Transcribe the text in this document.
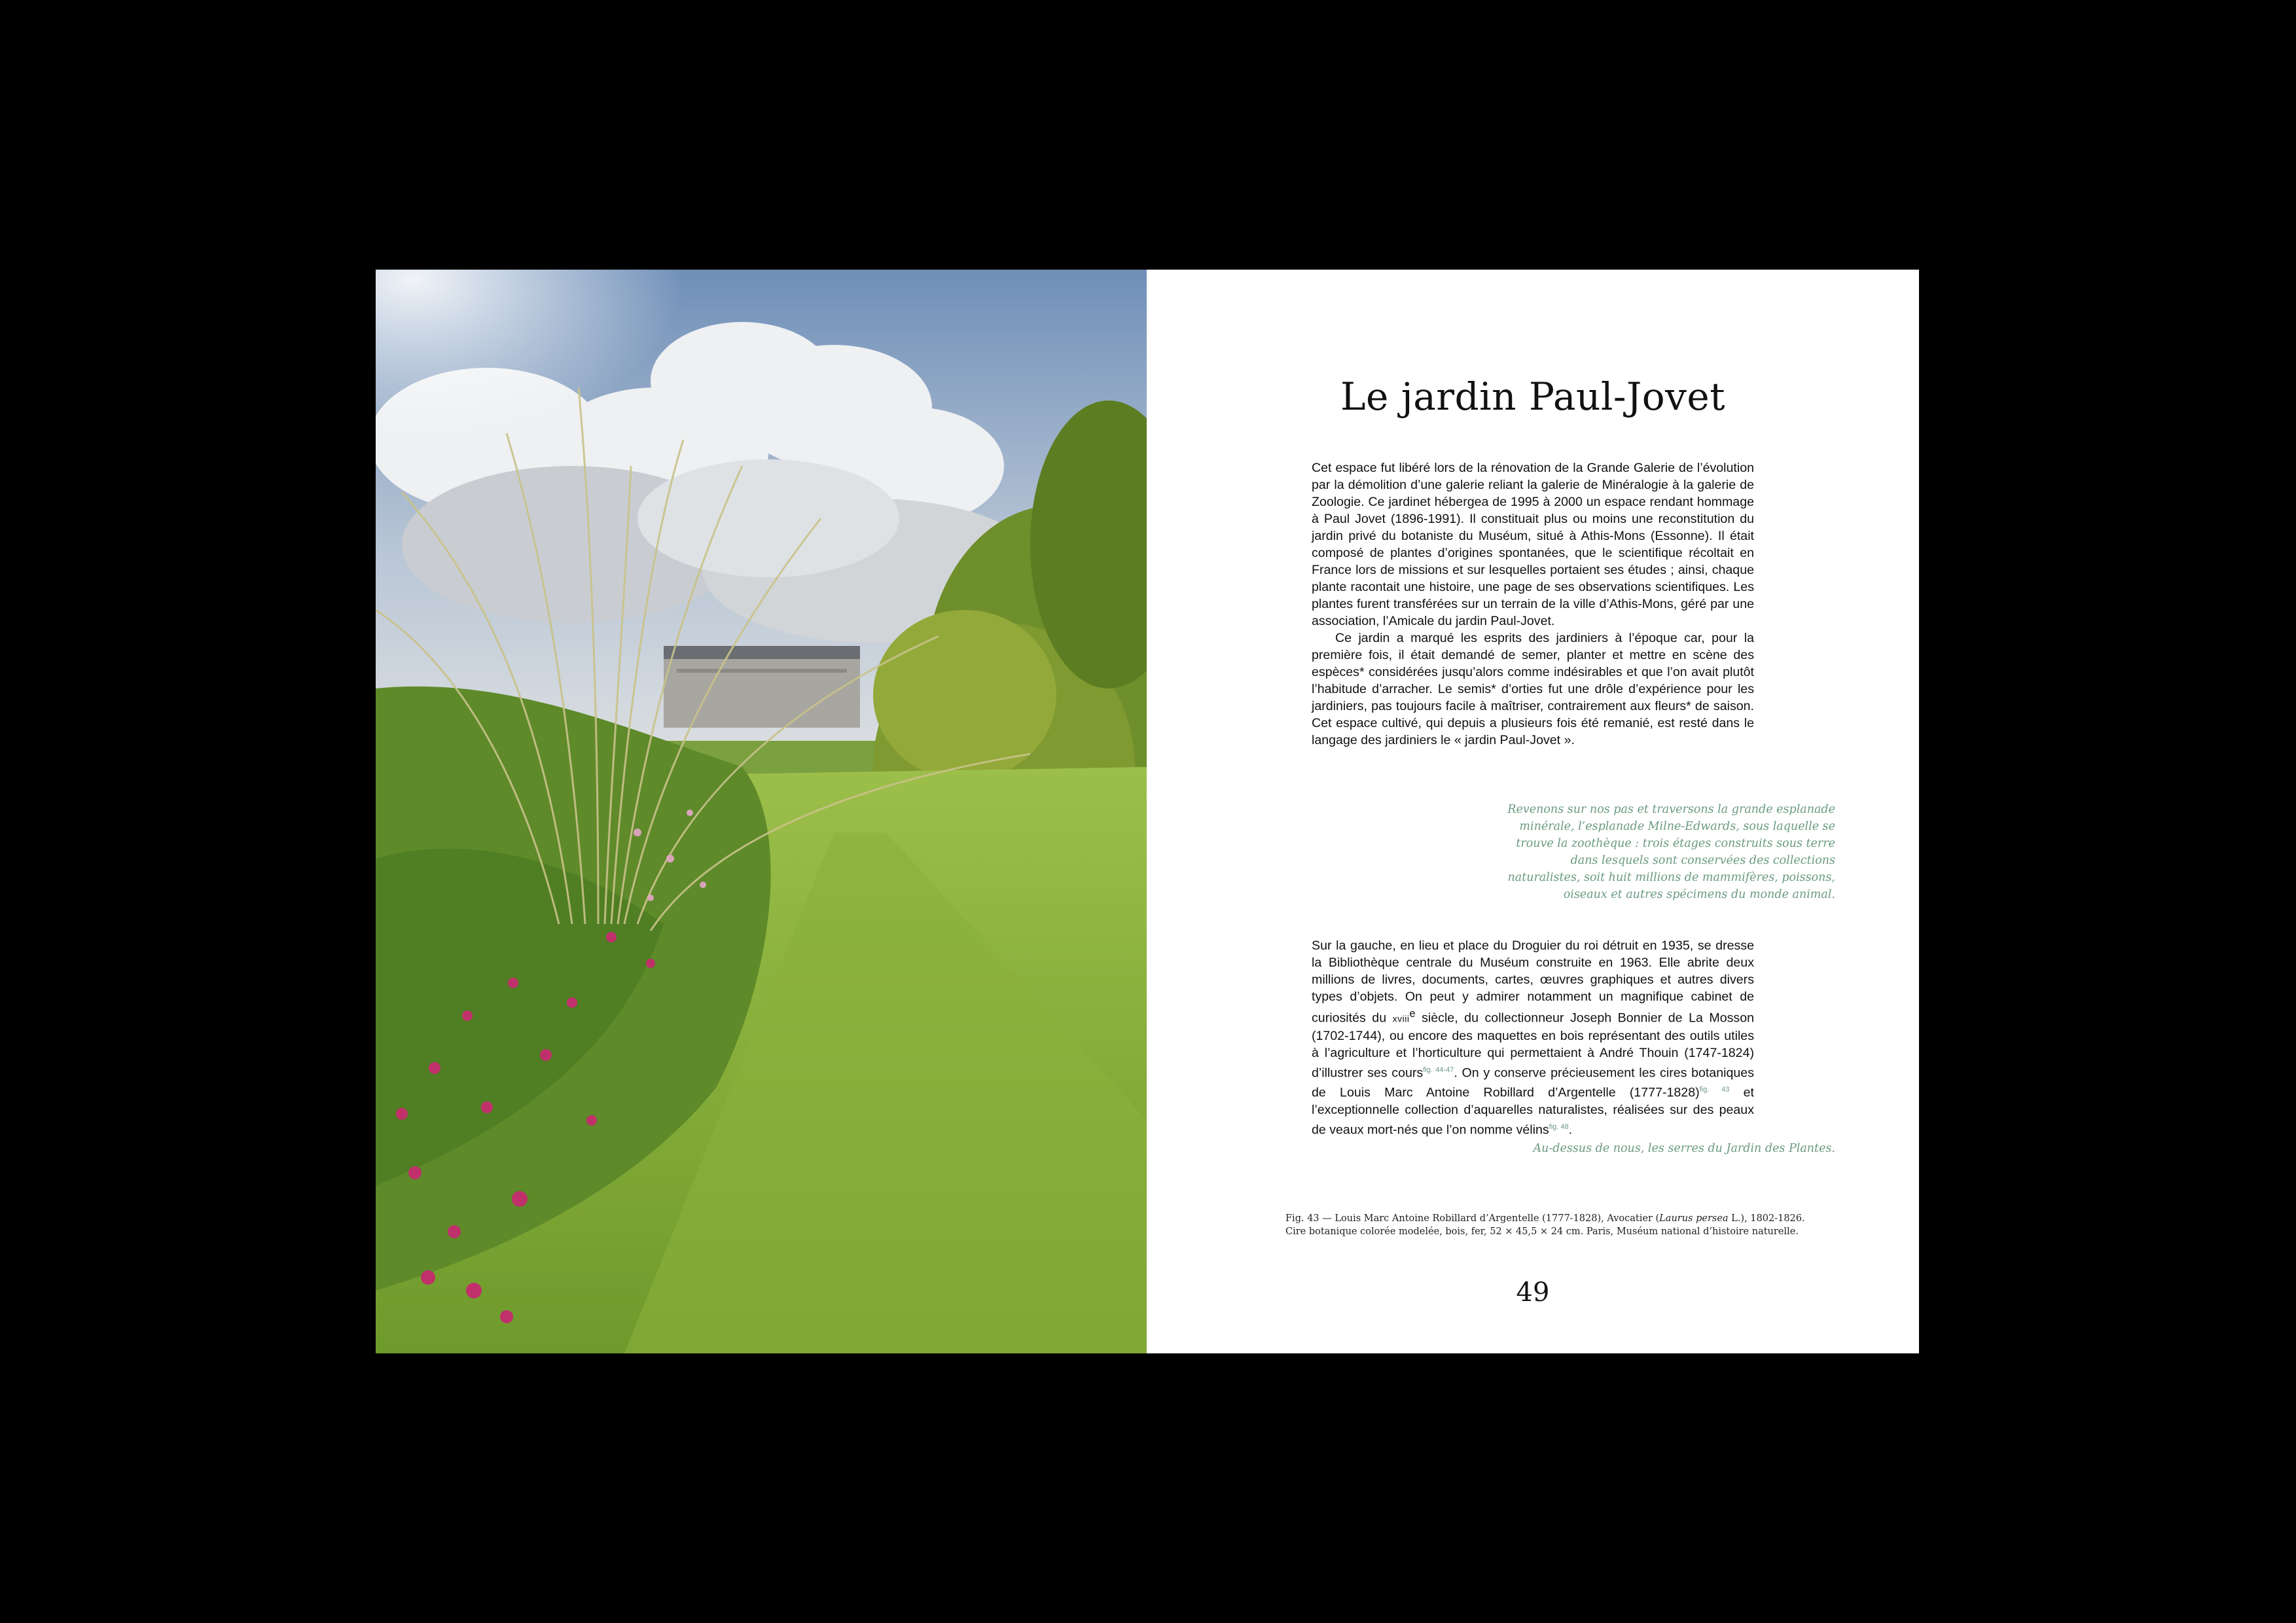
Le jardin Paul-Jovet

Cet espace fut libéré lors de la rénovation de la Grande Galerie de l’évolution par la démolition d’une galerie reliant la galerie de Minéralogie à la galerie de Zoologie. Ce jardinet hébergea de 1995 à 2000 un espace rendant hommage à Paul Jovet (1896-1991). Il constituait plus ou moins une reconstitution du jardin privé du botaniste du Muséum, situé à Athis-Mons (Essonne). Il était composé de plantes d’origines spontanées, que le scientifique récoltait en France lors de missions et sur lesquelles portaient ses études ; ainsi, chaque plante racontait une histoire, une page de ses observations scientifiques. Les plantes furent transférées sur un terrain de la ville d’Athis-Mons, géré par une association, l’Amicale du jardin Paul-Jovet.

Ce jardin a marqué les esprits des jardiniers à l’époque car, pour la première fois, il était demandé de semer, planter et mettre en scène des espèces* considérées jusqu’alors comme indésirables et que l’on avait plutôt l’habitude d’arracher. Le semis* d’orties fut une drôle d’expérience pour les jardiniers, pas toujours facile à maîtriser, contrairement aux fleurs* de saison. Cet espace cultivé, qui depuis a plusieurs fois été remanié, est resté dans le langage des jardiniers le « jardin Paul-Jovet ».

Revenons sur nos pas et traversons la grande esplanade minérale, l’esplanade Milne-Edwards, sous laquelle se trouve la zoothèque : trois étages construits sous terre dans lesquels sont conservées des collections naturalistes, soit huit millions de mammifères, poissons, oiseaux et autres spécimens du monde animal.

Sur la gauche, en lieu et place du Droguier du roi détruit en 1935, se dresse la Bibliothèque centrale du Muséum construite en 1963. Elle abrite deux millions de livres, documents, cartes, œuvres graphiques et autres divers types d’objets. On peut y admirer notamment un magnifique cabinet de curiosités du xviii$^e$ siècle, du collectionneur Joseph Bonnier de La Mosson (1702-1744), ou encore des maquettes en bois représentant des outils utiles à l’agriculture et l’horticulture qui permettaient à André Thouin (1747-1824) d’illustrer ses cours$^{fig. 44-47}$. On y conserve précieusement les cires botaniques de Louis Marc Antoine Robillard d’Argentelle (1777-1828)$^{fig. 43}$ et l’exceptionnelle collection d’aquarelles naturalistes, réalisées sur des peaux de veaux mort-nés que l’on nomme vélins$^{fig. 48}$.

Au-dessus de nous, les serres du Jardin des Plantes.

Fig. 43 — Louis Marc Antoine Robillard d’Argentelle (1777-1828), Avocatier (Laurus persea L.), 1802-1826.

Cire botanique colorée modelée, bois, fer, 52 × 45,5 × 24 cm. Paris, Muséum national d’histoire naturelle.

49
